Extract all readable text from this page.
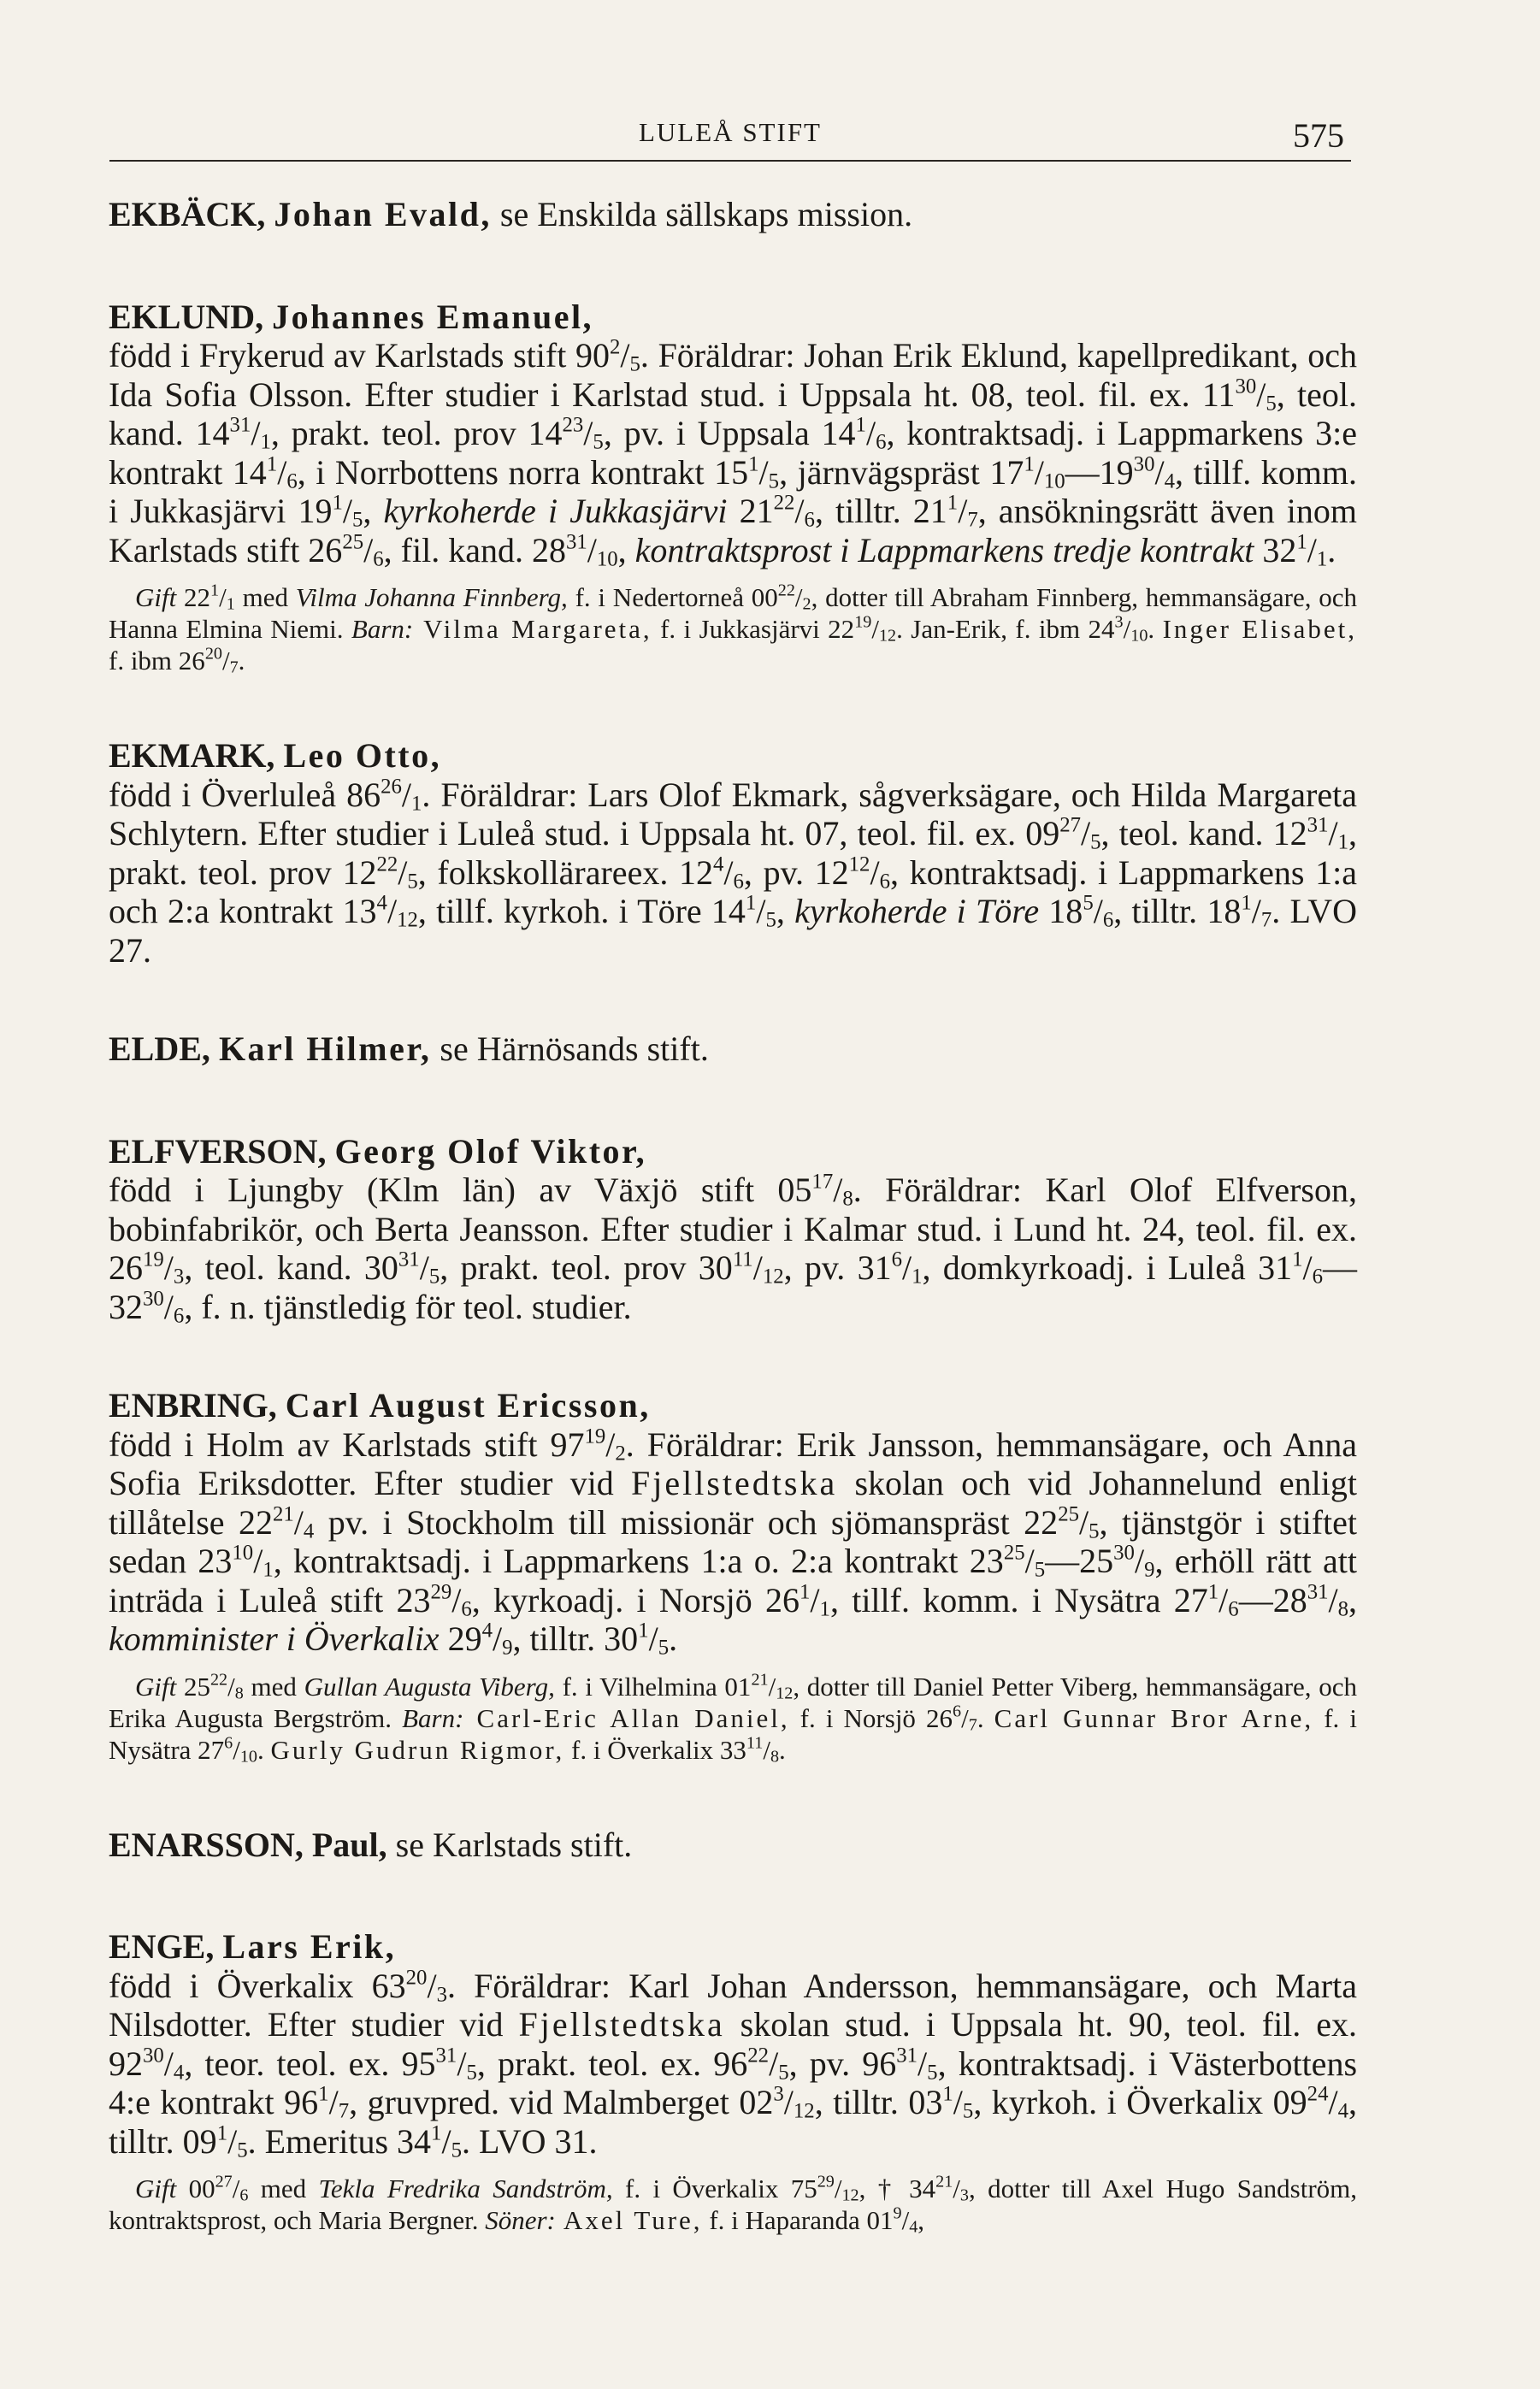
LULEÅ STIFT	575

EKBÄCK, Johan Evald, se Enskilda sällskaps mission.

EKLUND, Johannes Emanuel,
född i Frykerud av Karlstads stift $90^2/_5$. Föräldrar: Johan Erik Eklund, kapellpredikant, och Ida Sofia Olsson. Efter studier i Karlstad stud. i Uppsala ht. 08, teol. fil. ex. $11^{30}/_5$, teol. kand. $14^{31}/_1$, prakt. teol. prov $14^{23}/_5$, pv. i Uppsala $14^1/_6$, kontraktsadj. i Lappmarkens 3:e kontrakt $14^1/_6$, i Norrbottens norra kontrakt $15^1/_5$, järnvägspräst $17^1/_{10}—19^{30}/_4$, tillf. komm. i Jukkasjärvi $19^1/_5$, kyrkoherde i Jukkasjärvi $21^{22}/_6$, tilltr. $21^1/_7$, ansökningsrätt även inom Karlstads stift $26^{25}/_6$, fil. kand. $28^{31}/_{10}$, kontraktsprost i Lappmarkens tredje kontrakt $32^1/_1$.

 Gift $22^1/_1$ med Vilma Johanna Finnberg, f. i Nedertorneå $00^{22}/_2$, dotter till Abraham Finnberg, hemmansägare, och Hanna Elmina Niemi. Barn: Vilma Margareta, f. i Jukkasjärvi $22^{19}/_{12}$. Jan-Erik, f. ibm $24^3/_{10}$. Inger Elisabet, f. ibm $26^{20}/_7$.

EKMARK, Leo Otto,
född i Överluleå $86^{26}/_1$. Föräldrar: Lars Olof Ekmark, sågverksägare, och Hilda Margareta Schlytern. Efter studier i Luleå stud. i Uppsala ht. 07, teol. fil. ex. $09^{27}/_5$, teol. kand. $12^{31}/_1$, prakt. teol. prov $12^{22}/_5$, folkskollärareex. $12^4/_6$, pv. $12^{12}/_6$, kontraktsadj. i Lappmarkens 1:a och 2:a kontrakt $13^4/_{12}$, tillf. kyrkoh. i Töre $14^1/_5$, kyrkoherde i Töre $18^5/_6$, tilltr. $18^1/_7$. LVO 27.

ELDE, Karl Hilmer, se Härnösands stift.

ELFVERSON, Georg Olof Viktor,
född i Ljungby (Klm län) av Växjö stift $05^{17}/_8$. Föräldrar: Karl Olof Elfverson, bobinfabrikör, och Berta Jeansson. Efter studier i Kalmar stud. i Lund ht. 24, teol. fil. ex. $26^{19}/_3$, teol. kand. $30^{31}/_5$, prakt. teol. prov $30^{11}/_{12}$, pv. $31^6/_1$, domkyrkoadj. i Luleå $31^1/_6—32^{30}/_6$, f. n. tjänstledig för teol. studier.

ENBRING, Carl August Ericsson,
född i Holm av Karlstads stift $97^{19}/_2$. Föräldrar: Erik Jansson, hemmansägare, och Anna Sofia Eriksdotter. Efter studier vid Fjellstedtska skolan och vid Johannelund enligt tillåtelse $22^{21}/_4$ pv. i Stockholm till missionär och sjömanspräst $22^{25}/_5$, tjänstgör i stiftet sedan $23^{10}/_1$, kontraktsadj. i Lappmarkens 1:a o. 2:a kontrakt $23^{25}/_5—25^{30}/_9$, erhöll rätt att inträda i Luleå stift $23^{29}/_6$, kyrkoadj. i Norsjö $26^1/_1$, tillf. komm. i Nysätra $27^1/_6—28^{31}/_8$, komminister i Överkalix $29^4/_9$, tilltr. $30^1/_5$.

 Gift $25^{22}/_8$ med Gullan Augusta Viberg, f. i Vilhelmina $01^{21}/_{12}$, dotter till Daniel Petter Viberg, hemmansägare, och Erika Augusta Bergström. Barn: Carl-Eric Allan Daniel, f. i Norsjö $26^6/_7$. Carl Gunnar Bror Arne, f. i Nysätra $27^6/_{10}$. Gurly Gudrun Rigmor, f. i Överkalix $33^{11}/_8$.

ENARSSON, Paul, se Karlstads stift.

ENGE, Lars Erik,
född i Överkalix $63^{20}/_3$. Föräldrar: Karl Johan Andersson, hemmansägare, och Marta Nilsdotter. Efter studier vid Fjellstedtska skolan stud. i Uppsala ht. 90, teol. fil. ex. $92^{30}/_4$, teor. teol. ex. $95^{31}/_5$, prakt. teol. ex. $96^{22}/_5$, pv. $96^{31}/_5$, kontraktsadj. i Västerbottens 4:e kontrakt $96^1/_7$, gruvpred. vid Malmberget $02^3/_{12}$, tilltr. $03^1/_5$, kyrkoh. i Överkalix $09^{24}/_4$, tilltr. $09^1/_5$. Emeritus $34^1/_5$. LVO 31.

 Gift $00^{27}/_6$ med Tekla Fredrika Sandström, f. i Överkalix $75^{29}/_{12}$, † $34^{21}/_3$, dotter till Axel Hugo Sandström, kontraktsprost, och Maria Bergner. Söner: Axel Ture, f. i Haparanda $01^9/_4$,
